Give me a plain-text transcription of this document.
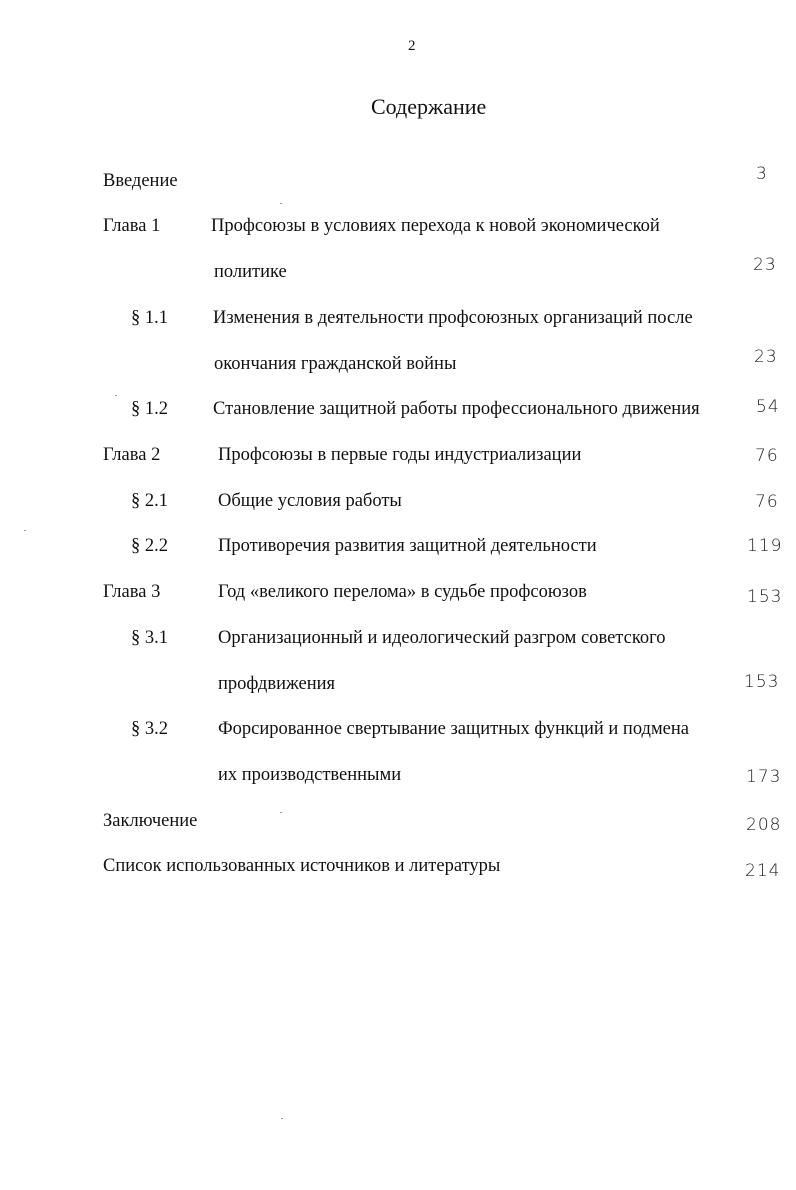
2
Содержание
Введение	3
Глава 1	Профсоюзы в условиях перехода к новой экономической
политике	23
§ 1.1 Изменения в деятельности профсоюзных организаций после
окончания гражданской войны	23
§ 1.2 Становление защитной работы профессионального движения	54
Глава 2	Профсоюзы в первые годы индустриализации	76
§ 2.1	Общие условия работы	76
§ 2.2	Противоречия развития защитной деятельности	119
Глава 3	Год «великого перелома» в судьбе профсоюзов	153
§ 3.1	Организационный и идеологический разгром советского
профдвижения	153
§ 3.2	Форсированное свертывание защитных функций и подмена
их производственными	173
Заключение	208
Список использованных источников и литературы	214
